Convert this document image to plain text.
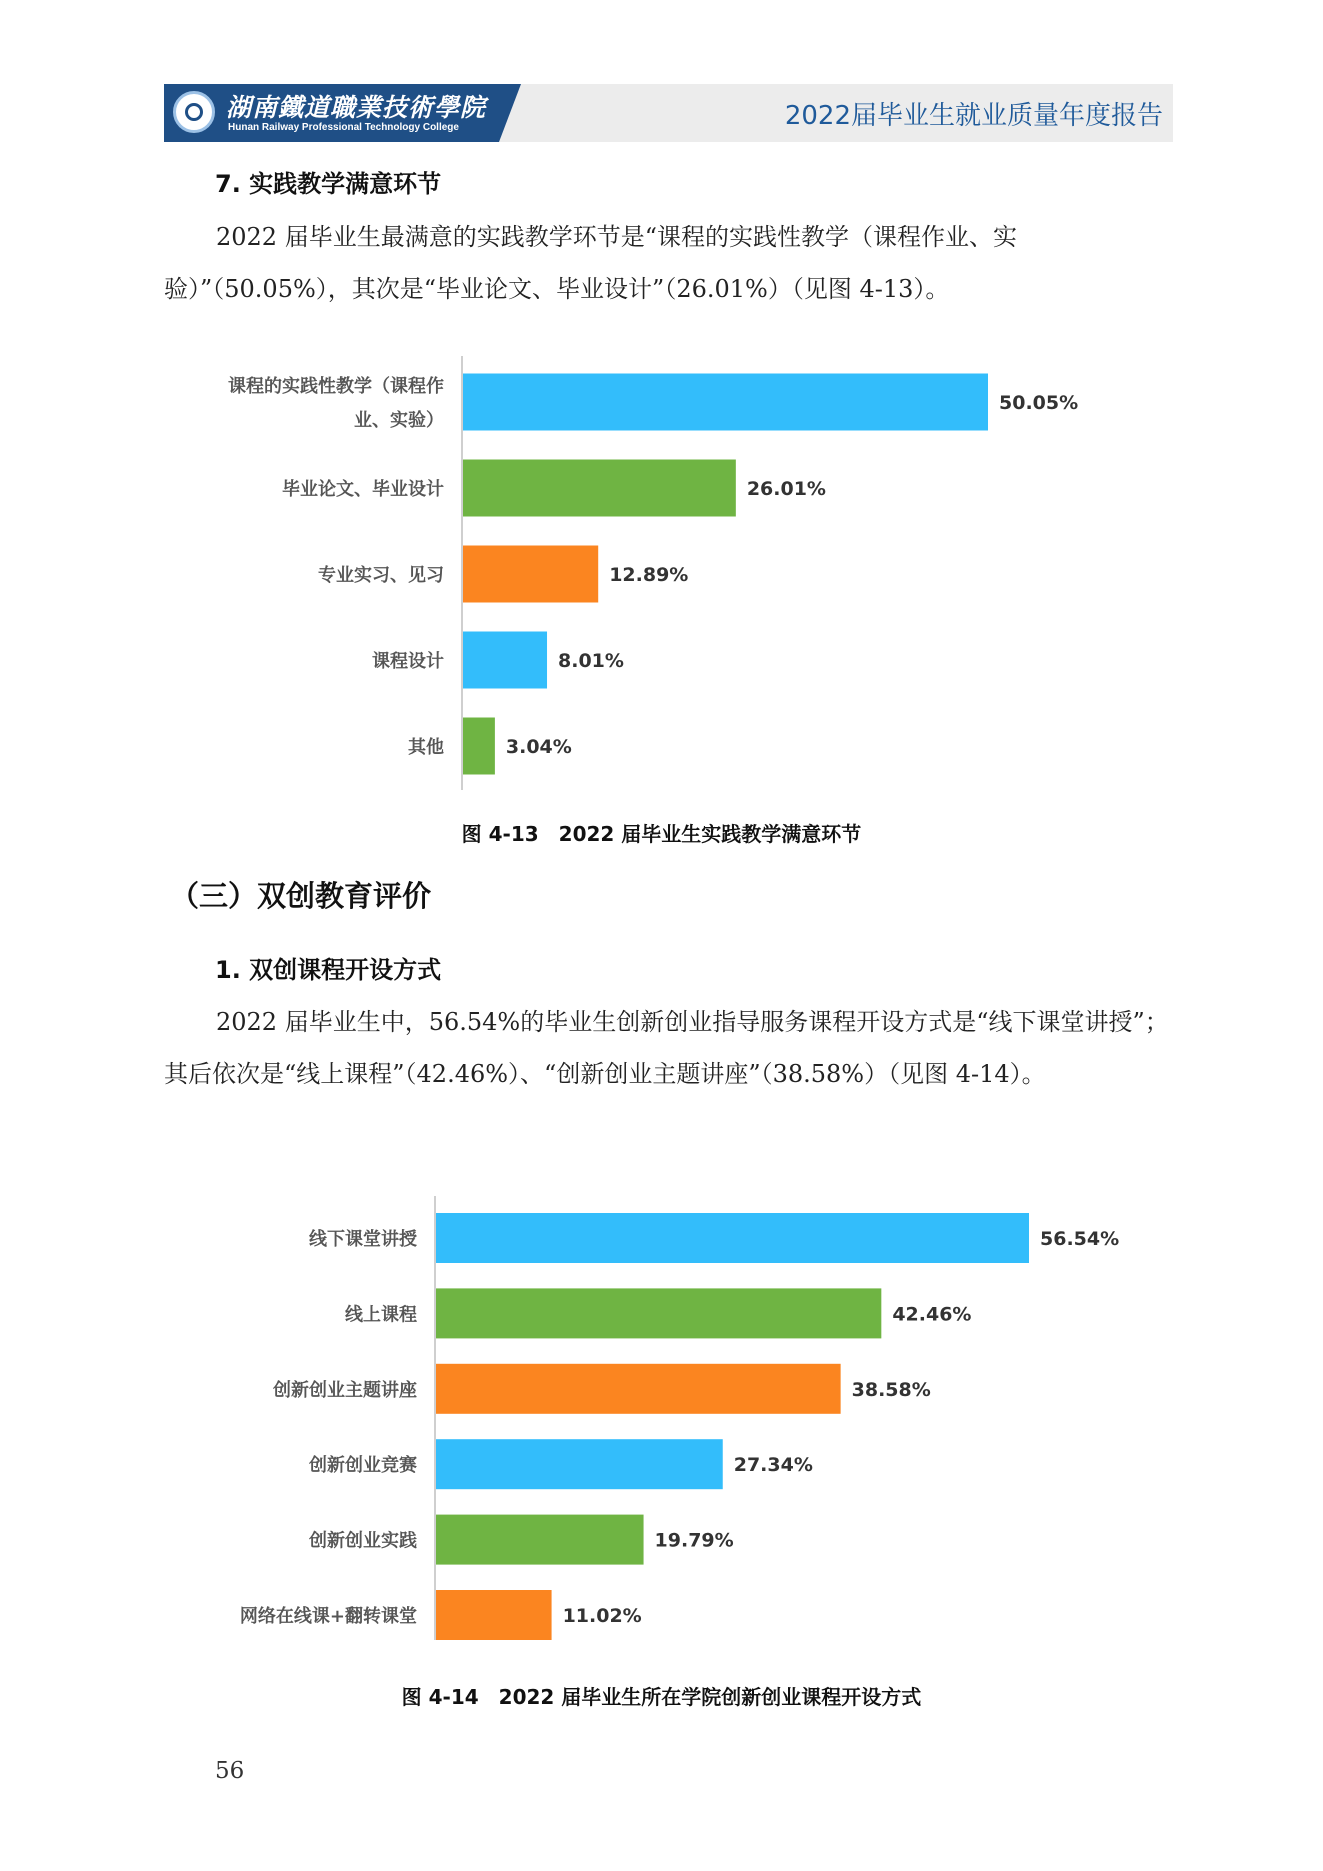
湖南鐵道職業技術學院
Hunan Railway Professional Technology College	2022届毕业生就业质量年度报告
7. 实践教学满意环节

2022 届毕业生最满意的实践教学环节是“课程的实践性教学（课程作业、实验）”（50.05%），其次是“毕业论文、毕业设计”（26.01%）（见图 4-13）。

50.05%
课程的实践性教学（课程作
业、实验）
26.01%
毕业论文、毕业设计
12.89%
专业实习、见习
8.01%
课程设计
3.04%
其他
图 4-13　2022 届毕业生实践教学满意环节
（三）双创教育评价
1. 双创课程开设方式

2022 届毕业生中，56.54%的毕业生创新创业指导服务课程开设方式是“线下课堂讲授”；其后依次是“线上课程”（42.46%）、“创新创业主题讲座”（38.58%）（见图 4-14）。

56.54%
线下课堂讲授
42.46%
线上课程
38.58%
创新创业主题讲座
27.34%
创新创业竞赛
19.79%
创新创业实践
11.02%
网络在线课+翻转课堂
图 4-14　2022 届毕业生所在学院创新创业课程开设方式
56
